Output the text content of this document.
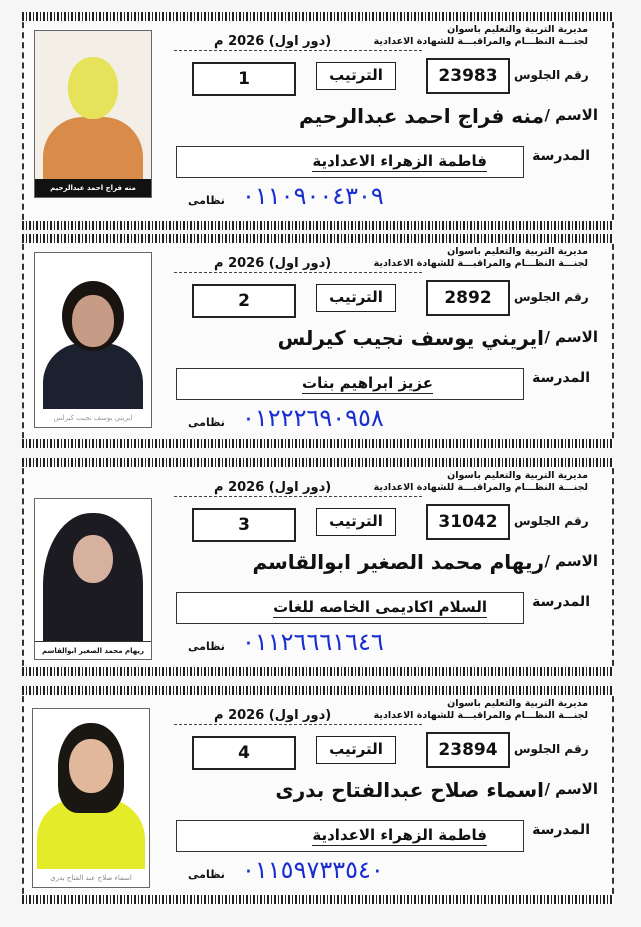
منه فراج احمد عبدالرحيم
مديرية التربية والتعليم باسوان
لجنـــة النظـــام والمراقبـــة للشهادة الاعدادية
(دور اول) 2026 م
1	الترتيب	23983	رقم الجلوس
الاسم /
منه فراج احمد عبدالرحيم
المدرسة
فاطمة الزهراء الاعدادية
نظامى ٠١١٠٩٠٠٤٣٠٩
ايريني يوسف نجيب كيرلس
مديرية التربية والتعليم باسوان
لجنـــة النظـــام والمراقبـــة للشهادة الاعدادية
(دور اول) 2026 م
2	الترتيب	2892	رقم الجلوس
الاسم /
ايريني يوسف نجيب كيرلس
المدرسة
عزيز ابراهيم بنات
نظامى ٠١٢٢٢٦٩٠٩٥٨
ريهام محمد الصغير ابوالقاسم
مديرية التربية والتعليم باسوان
لجنـــة النظـــام والمراقبـــة للشهادة الاعدادية
(دور اول) 2026 م
3	الترتيب	31042	رقم الجلوس
الاسم /
ريهام محمد الصغير ابوالقاسم
المدرسة
السلام اكاديمى الخاصه للغات
نظامى ٠١١٢٦٦٦١٦٤٦
اسماء صلاح عبد الفتاح بدرى
مديرية التربية والتعليم باسوان
لجنـــة النظـــام والمراقبـــة للشهادة الاعدادية
(دور اول) 2026 م
4	الترتيب	23894	رقم الجلوس
الاسم /
اسماء صلاح عبدالفتاح بدرى
المدرسة
فاطمة الزهراء الاعدادية
نظامى ٠١١٥٩٧٣٣٥٤٠
